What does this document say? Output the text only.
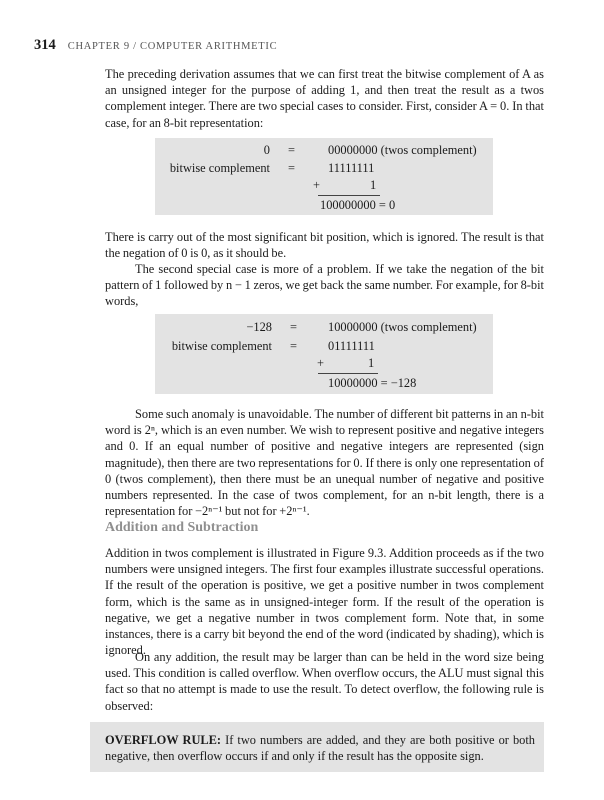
314 CHAPTER 9 / COMPUTER ARITHMETIC

The preceding derivation assumes that we can first treat the bitwise complement of A as an unsigned integer for the purpose of adding 1, and then treat the result as a twos complement integer. There are two special cases to consider. First, consider A = 0. In that case, for an 8-bit representation:

0 =	00000000 (twos complement)
bitwise complement =	11111111
+	1
100000000 = 0

There is carry out of the most significant bit position, which is ignored. The result is that the negation of 0 is 0, as it should be.

The second special case is more of a problem. If we take the negation of the bit pattern of 1 followed by n − 1 zeros, we get back the same number. For example, for 8-bit words,

−128 =	10000000 (twos complement)
bitwise complement =	01111111
+	1
10000000 = −128

Some such anomaly is unavoidable. The number of different bit patterns in an n-bit word is 2ⁿ, which is an even number. We wish to represent positive and negative integers and 0. If an equal number of positive and negative integers are represented (sign magnitude), then there are two representations for 0. If there is only one representation of 0 (twos complement), then there must be an unequal number of negative and positive numbers represented. In the case of twos complement, for an n-bit length, there is a representation for −2ⁿ⁻¹ but not for +2ⁿ⁻¹.

Addition and Subtraction

Addition in twos complement is illustrated in Figure 9.3. Addition proceeds as if the two numbers were unsigned integers. The first four examples illustrate successful operations. If the result of the operation is positive, we get a positive number in twos complement form, which is the same as in unsigned-integer form. If the result of the operation is negative, we get a negative number in twos complement form. Note that, in some instances, there is a carry bit beyond the end of the word (indicated by shading), which is ignored.

On any addition, the result may be larger than can be held in the word size being used. This condition is called overflow. When overflow occurs, the ALU must signal this fact so that no attempt is made to use the result. To detect overflow, the following rule is observed:

OVERFLOW RULE: If two numbers are added, and they are both positive or both negative, then overflow occurs if and only if the result has the opposite sign.
